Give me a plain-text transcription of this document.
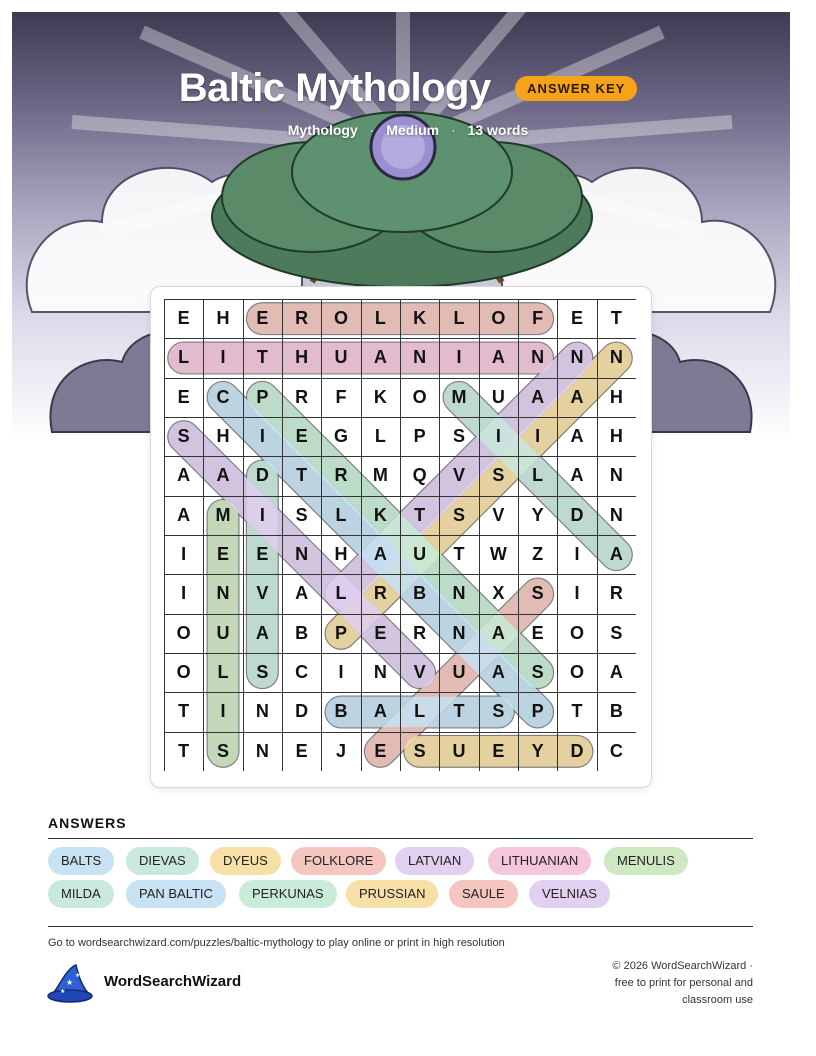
Baltic Mythology	ANSWER KEY
Mythology · Medium · 13 words
E	H	E	R	O	L	K	L	O	F	E	T
L	I	T	H	U	A	N	I	A	N	N	N
E	C	P	R	F	K	O	M	U	A	A	H
S	H	I	E	G	L	P	S	I	I	A	H
A	A	D	T	R	M	Q	V	S	L	A	N
A	M	I	S	L	K	T	S	V	Y	D	N
I	E	E	N	H	A	U	T	W	Z	I	A
I	N	V	A	L	R	B	N	X	S	I	R
O	U	A	B	P	E	R	N	A	E	O	S
O	L	S	C	I	N	V	U	A	S	O	A
T	I	N	D	B	A	L	T	S	P	T	B
T	S	N	E	J	E	S	U	E	Y	D	C
ANSWERS
BALTS	DIEVAS	DYEUS	FOLKLORE	LATVIAN	LITHUANIAN	MENULIS
MILDA	PAN BALTIC	PERKUNAS	PRUSSIAN	SAULE	VELNIAS
Go to wordsearchwizard.com/puzzles/baltic-mythology to play online or print in high resolution
★
★
★
WordSearchWizard
© 2026 WordSearchWizard ·
free to print for personal and
classroom use
